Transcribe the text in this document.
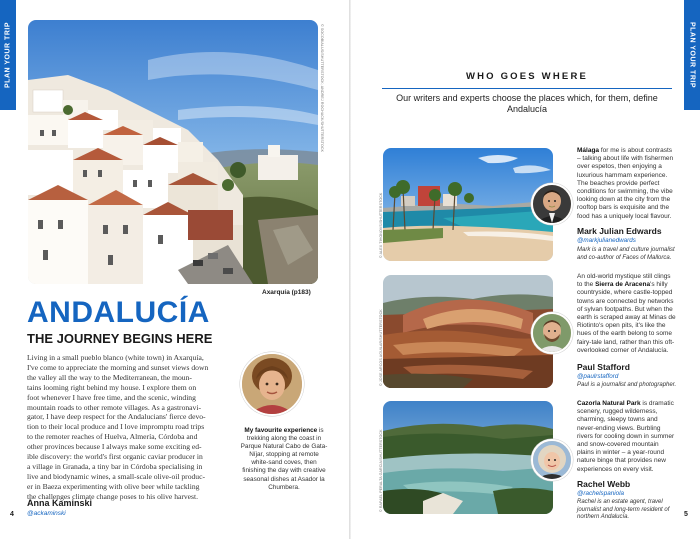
PLAN YOUR TRIP	© SOCOBIALUS/SHUTTERSTOCK; ANDREJ ROCHACK/SHUTTERSTOCK
Axarquía (p183)
ANDALUCÍA
THE JOURNEY BEGINS HERE
Living in a small pueblo blanco (white town) in Axarquía,
I've come to appreciate the morning and sunset views down
the valley all the way to the Mediterranean, the moun-
tains looming right behind my house. I explore them on
foot whenever I have free time, and the scenic, winding
mountain roads to other remote villages. As a gastronavi-
gator, I have deep respect for the Andalucians' fierce devo-
tion to their local produce and I love impromptu road trips
to the remoter reaches of Huelva, Almería, Córdoba and
other provinces because I always make some exciting ed-
ible discovery: the world's first organic caviar producer in
a village in Granada, a tiny bar in Córdoba specialising in
live and biodynamic wines, a small-scale olive-oil produc-
er in Baeza experimenting with olive beer while tackling
the challenges climate change poses to his olive harvest.
My favourite experience is trekking along the coast in Parque Natural Cabo de Gata-Níjar, stopping at remote white-sand coves, then finishing the day with creative seasonal dishes at Asador la Chumbera.
Anna Kaminski
@ackaminski
4
PLAN YOUR TRIP
WHO GOES WHERE
Our writers and experts choose the places which, for them, define Andalucía
© ALEX TIHONOVS/SHUTTERSTOCK
Málaga for me is about contrasts – talking about life with fishermen over espetos, then enjoying a luxurious hammam experience. The beaches provide perfect conditions for swimming, the vibe looking down at the city from the rooftop bars is exquisite and the food has a uniquely local flavour.
Mark Julian Edwards
@markjulianedwards
Mark is a travel and culture journalist and co-author of Faces of Mallorca.
© JOSE ARCOS AGUILAR/SHUTTERSTOCK
An old-world mystique still clings to the Sierra de Aracena's hilly countryside, where castle-topped towns are connected by networks of sylvan footpaths. But when the earth is scraped away at Minas de Riotinto's open pits, it's like the hues of the earth belong to some fairy-tale land, rather than this oft-overlooked corner of Andalucía.
Paul Stafford
@paulrstafford
Paul is a journalist and photographer.
© RAFAEL PERALTA GARCIA/SHUTTERSTOCK
Cazorla Natural Park is dramatic scenery, rugged wilderness, charming, sleepy towns and never-ending views. Burbling rivers for cooling down in summer and snow-covered mountain plains in winter – a year-round nature binge that provides new experiences on every visit.
Rachel Webb
@rachelspaniola
Rachel is an estate agent, travel journalist and long-term resident of northern Andalucía.	5
